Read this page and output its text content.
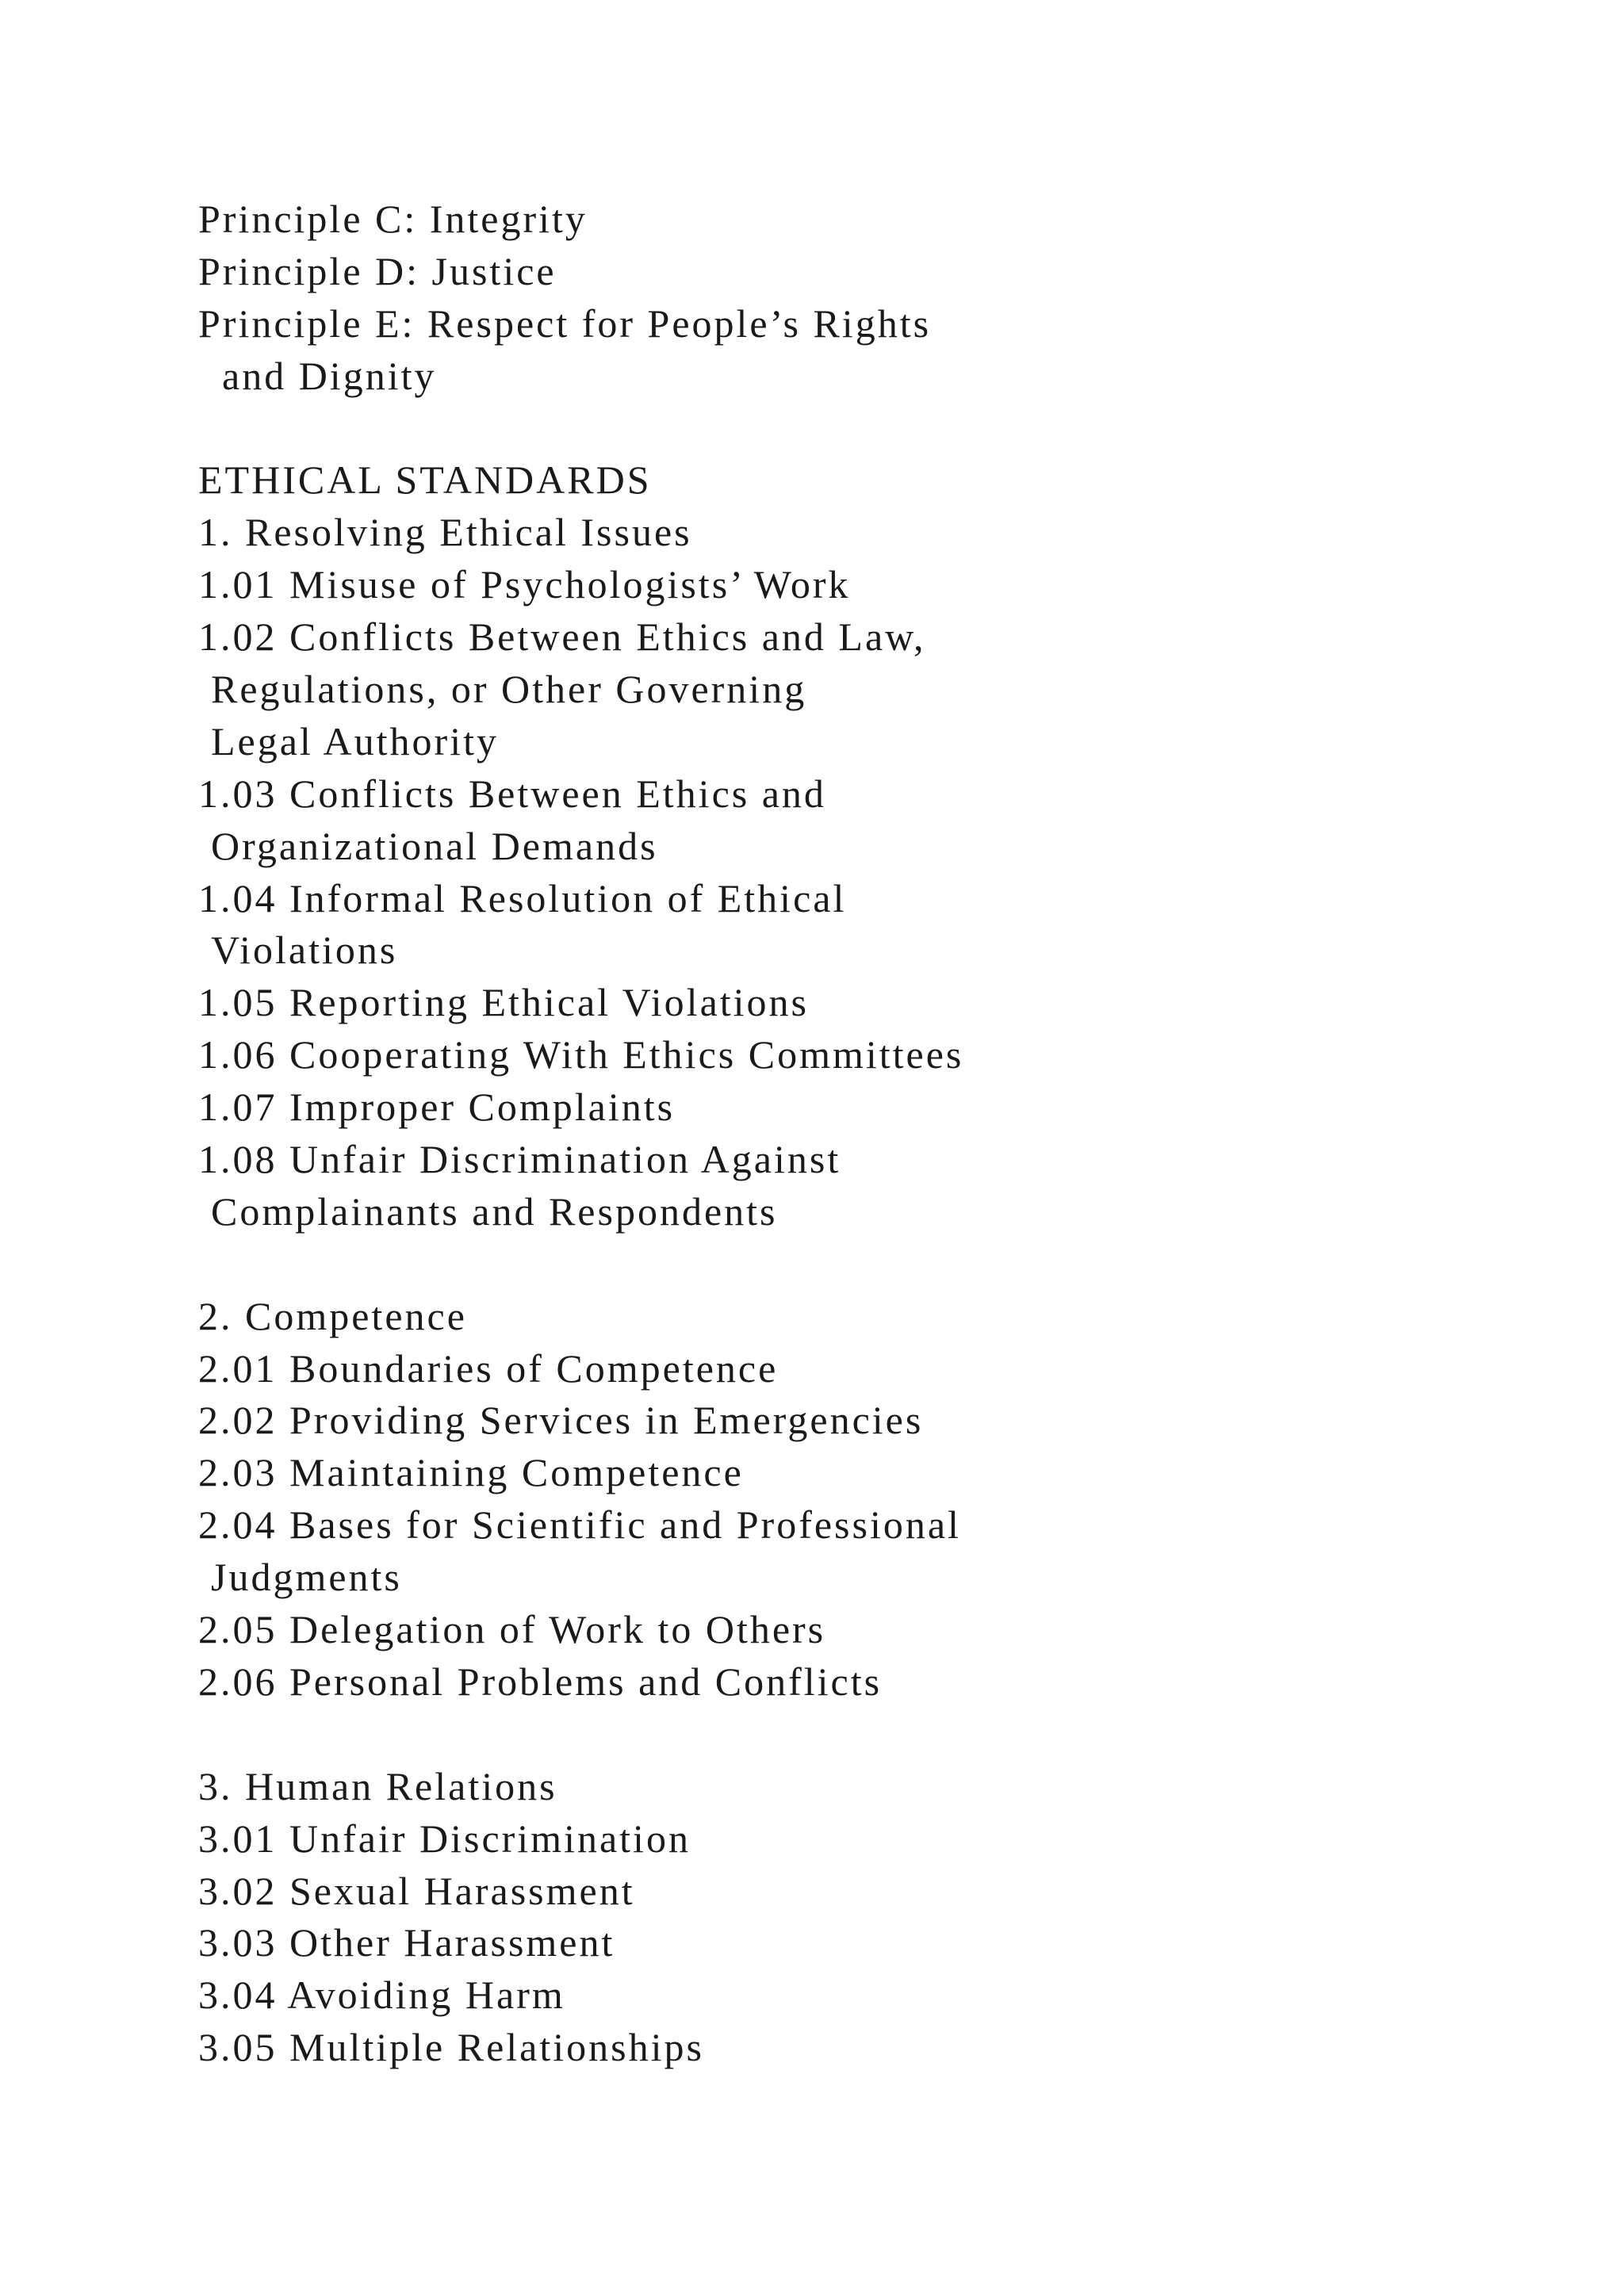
Principle C: Integrity
Principle D: Justice
Principle E: Respect for People’s Rights
and Dignity
ETHICAL STANDARDS
1. Resolving Ethical Issues
1.01 Misuse of Psychologists’ Work
1.02 Conflicts Between Ethics and Law,
Regulations, or Other Governing
Legal Authority
1.03 Conflicts Between Ethics and
Organizational Demands
1.04 Informal Resolution of Ethical
Violations
1.05 Reporting Ethical Violations
1.06 Cooperating With Ethics Committees
1.07 Improper Complaints
1.08 Unfair Discrimination Against
Complainants and Respondents
2. Competence
2.01 Boundaries of Competence
2.02 Providing Services in Emergencies
2.03 Maintaining Competence
2.04 Bases for Scientific and Professional
Judgments
2.05 Delegation of Work to Others
2.06 Personal Problems and Conflicts
3. Human Relations
3.01 Unfair Discrimination
3.02 Sexual Harassment
3.03 Other Harassment
3.04 Avoiding Harm
3.05 Multiple Relationships
